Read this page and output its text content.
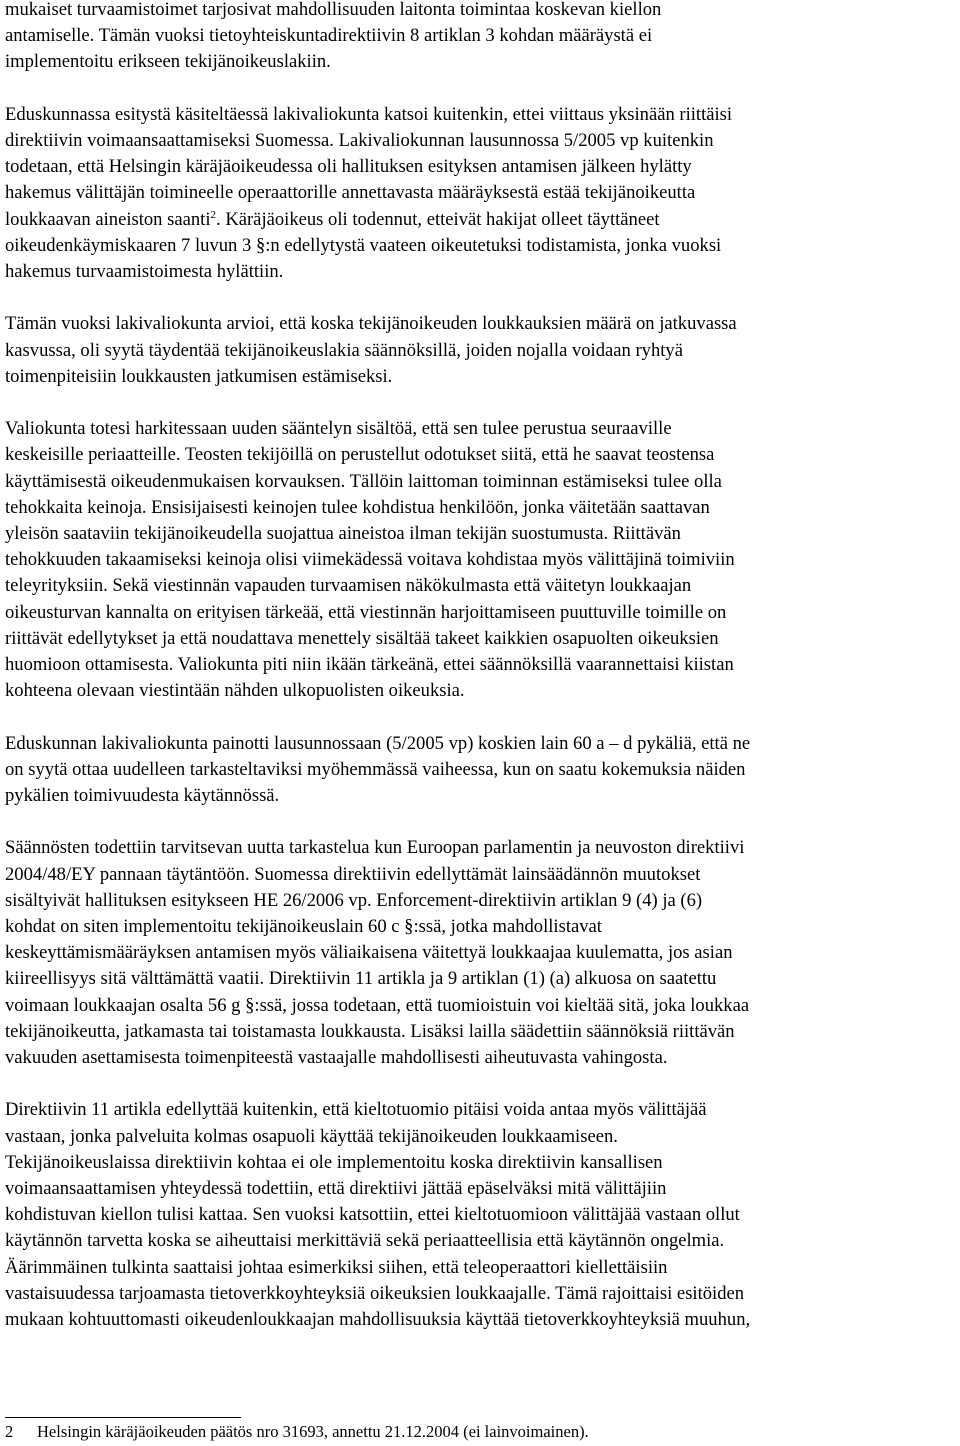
mukaiset turvaamistoimet tarjosivat mahdollisuuden laitonta toimintaa koskevan kiellon
antamiselle. Tämän vuoksi tietoyhteiskuntadirektiivin 8 artiklan 3 kohdan määräystä ei
implementoitu erikseen tekijänoikeuslakiin.

Eduskunnassa esitystä käsiteltäessä lakivaliokunta katsoi kuitenkin, ettei viittaus yksinään riittäisi
direktiivin voimaansaattamiseksi Suomessa. Lakivaliokunnan lausunnossa 5/2005 vp kuitenkin
todetaan, että Helsingin käräjäoikeudessa oli hallituksen esityksen antamisen jälkeen hylätty
hakemus välittäjän toimineelle operaattorille annettavasta määräyksestä estää tekijänoikeutta
loukkaavan aineiston saanti$^2$. Käräjäoikeus oli todennut, etteivät hakijat olleet täyttäneet
oikeudenkäymiskaaren 7 luvun 3 §:n edellytystä vaateen oikeutetuksi todistamista, jonka vuoksi
hakemus turvaamistoimesta hylättiin.

Tämän vuoksi lakivaliokunta arvioi, että koska tekijänoikeuden loukkauksien määrä on jatkuvassa
kasvussa, oli syytä täydentää tekijänoikeuslakia säännöksillä, joiden nojalla voidaan ryhtyä
toimenpiteisiin loukkausten jatkumisen estämiseksi.

Valiokunta totesi harkitessaan uuden sääntelyn sisältöä, että sen tulee perustua seuraaville
keskeisille periaatteille. Teosten tekijöillä on perustellut odotukset siitä, että he saavat teostensa
käyttämisestä oikeudenmukaisen korvauksen. Tällöin laittoman toiminnan estämiseksi tulee olla
tehokkaita keinoja. Ensisijaisesti keinojen tulee kohdistua henkilöön, jonka väitetään saattavan
yleisön saataviin tekijänoikeudella suojattua aineistoa ilman tekijän suostumusta. Riittävän
tehokkuuden takaamiseksi keinoja olisi viimekädessä voitava kohdistaa myös välittäjinä toimiviin
teleyrityksiin. Sekä viestinnän vapauden turvaamisen näkökulmasta että väitetyn loukkaajan
oikeusturvan kannalta on erityisen tärkeää, että viestinnän harjoittamiseen puuttuville toimille on
riittävät edellytykset ja että noudattava menettely sisältää takeet kaikkien osapuolten oikeuksien
huomioon ottamisesta. Valiokunta piti niin ikään tärkeänä, ettei säännöksillä vaarannettaisi kiistan
kohteena olevaan viestintään nähden ulkopuolisten oikeuksia.

Eduskunnan lakivaliokunta painotti lausunnossaan (5/2005 vp) koskien lain 60 a – d pykäliä, että ne
on syytä ottaa uudelleen tarkasteltaviksi myöhemmässä vaiheessa, kun on saatu kokemuksia näiden
pykälien toimivuudesta käytännössä.

Säännösten todettiin tarvitsevan uutta tarkastelua kun Euroopan parlamentin ja neuvoston direktiivi
2004/48/EY pannaan täytäntöön. Suomessa direktiivin edellyttämät lainsäädännön muutokset
sisältyivät hallituksen esitykseen HE 26/2006 vp. Enforcement-direktiivin artiklan 9 (4) ja (6)
kohdat on siten implementoitu tekijänoikeuslain 60 c §:ssä, jotka mahdollistavat
keskeyttämismääräyksen antamisen myös väliaikaisena väitettyä loukkaajaa kuulematta, jos asian
kiireellisyys sitä välttämättä vaatii. Direktiivin 11 artikla ja 9 artiklan (1) (a) alkuosa on saatettu
voimaan loukkaajan osalta 56 g §:ssä, jossa todetaan, että tuomioistuin voi kieltää sitä, joka loukkaa
tekijänoikeutta, jatkamasta tai toistamasta loukkausta. Lisäksi lailla säädettiin säännöksiä riittävän
vakuuden asettamisesta toimenpiteestä vastaajalle mahdollisesti aiheutuvasta vahingosta.

Direktiivin 11 artikla edellyttää kuitenkin, että kieltotuomio pitäisi voida antaa myös välittäjää
vastaan, jonka palveluita kolmas osapuoli käyttää tekijänoikeuden loukkaamiseen.
Tekijänoikeuslaissa direktiivin kohtaa ei ole implementoitu koska direktiivin kansallisen
voimaansaattamisen yhteydessä todettiin, että direktiivi jättää epäselväksi mitä välittäjiin
kohdistuvan kiellon tulisi kattaa. Sen vuoksi katsottiin, ettei kieltotuomioon välittäjää vastaan ollut
käytännön tarvetta koska se aiheuttaisi merkittäviä sekä periaatteellisia että käytännön ongelmia.
Äärimmäinen tulkinta saattaisi johtaa esimerkiksi siihen, että teleoperaattori kiellettäisiin
vastaisuudessa tarjoamasta tietoverkkoyhteyksiä oikeuksien loukkaajalle. Tämä rajoittaisi esitöiden
mukaan kohtuuttomasti oikeudenloukkaajan mahdollisuuksia käyttää tietoverkkoyhteyksiä muuhun,

2 Helsingin käräjäoikeuden päätös nro 31693, annettu 21.12.2004 (ei lainvoimainen).
